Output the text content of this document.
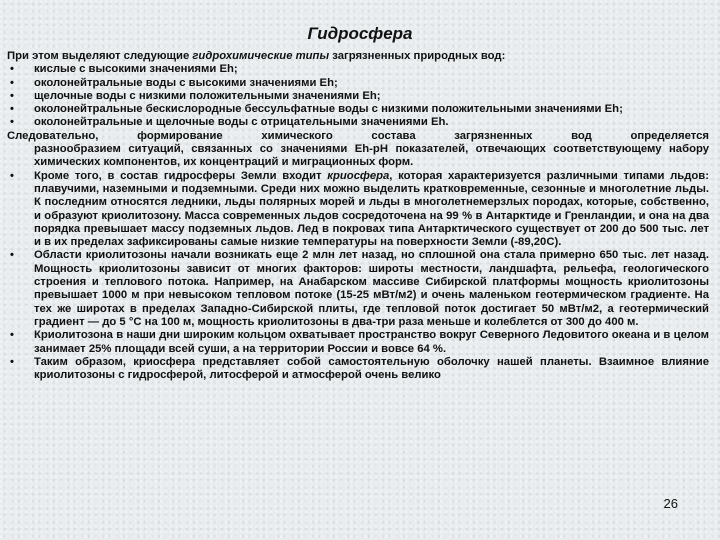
Гидросфера

При этом выделяют следующие гидрохимические типы загрязненных природных вод:

• кислые с высокими значениями Eh;
• околонейтральные воды с высокими значениями Eh;
• щелочные воды с низкими положительными значениями Eh;
• околонейтральные бескислородные бессульфатные воды с низкими положительными значениями Eh;
• околонейтральные и щелочные воды с отрицательными значениями Eh.

Следовательно, формирование химического состава загрязненных вод определяется

разнообразием ситуаций, связанных со значениями Eh-pH показателей, отвечающих соответствующему набору химических компонентов, их концентраций и миграционных форм.

• Кроме того, в состав гидросферы Земли входит криосфера, которая характеризуется различными типами льдов: плавучими, наземными и подземными. Среди них можно выделить кратковременные, сезонные и многолетние льды. К последним относятся ледники, льды полярных морей и льды в многолетнемерзлых породах, которые, собственно, и образуют криолитозону. Масса современных льдов сосредоточена на 99 % в Антарктиде и Гренландии, и она на два порядка превышает массу подземных льдов. Лед в покровах типа Антарктического существует от 200 до 500 тыс. лет и в их пределах зафиксированы самые низкие температуры на поверхности Земли (-89,20С).
• Области криолитозоны начали возникать еще 2 млн лет назад, но сплошной она стала примерно 650 тыс. лет назад. Мощность криолитозоны зависит от многих факторов: широты местности, ландшафта, рельефа, геологического строения и теплового потока. Например, на Анабарском массиве Сибирской платформы мощность криолитозоны превышает 1000 м при невысоком тепловом потоке (15-25 мВт/м2) и очень маленьком геотермическом градиенте. На тех же широтах в пределах Западно-Сибирской плиты, где тепловой поток достигает 50 мВт/м2, а геотермический градиент — до 5 °С на 100 м, мощность криолитозоны в два-три раза меньше и колеблется от 300 до 400 м.
• Криолитозона в наши дни широким кольцом охватывает пространство вокруг Северного Ледовитого океана и в целом занимает 25% площади всей суши, а на территории России и вовсе 64 %.
• Таким образом, криосфера представляет собой самостоятельную оболочку нашей планеты. Взаимное влияние криолитозоны с гидросферой, литосферой и атмосферой очень велико
26
